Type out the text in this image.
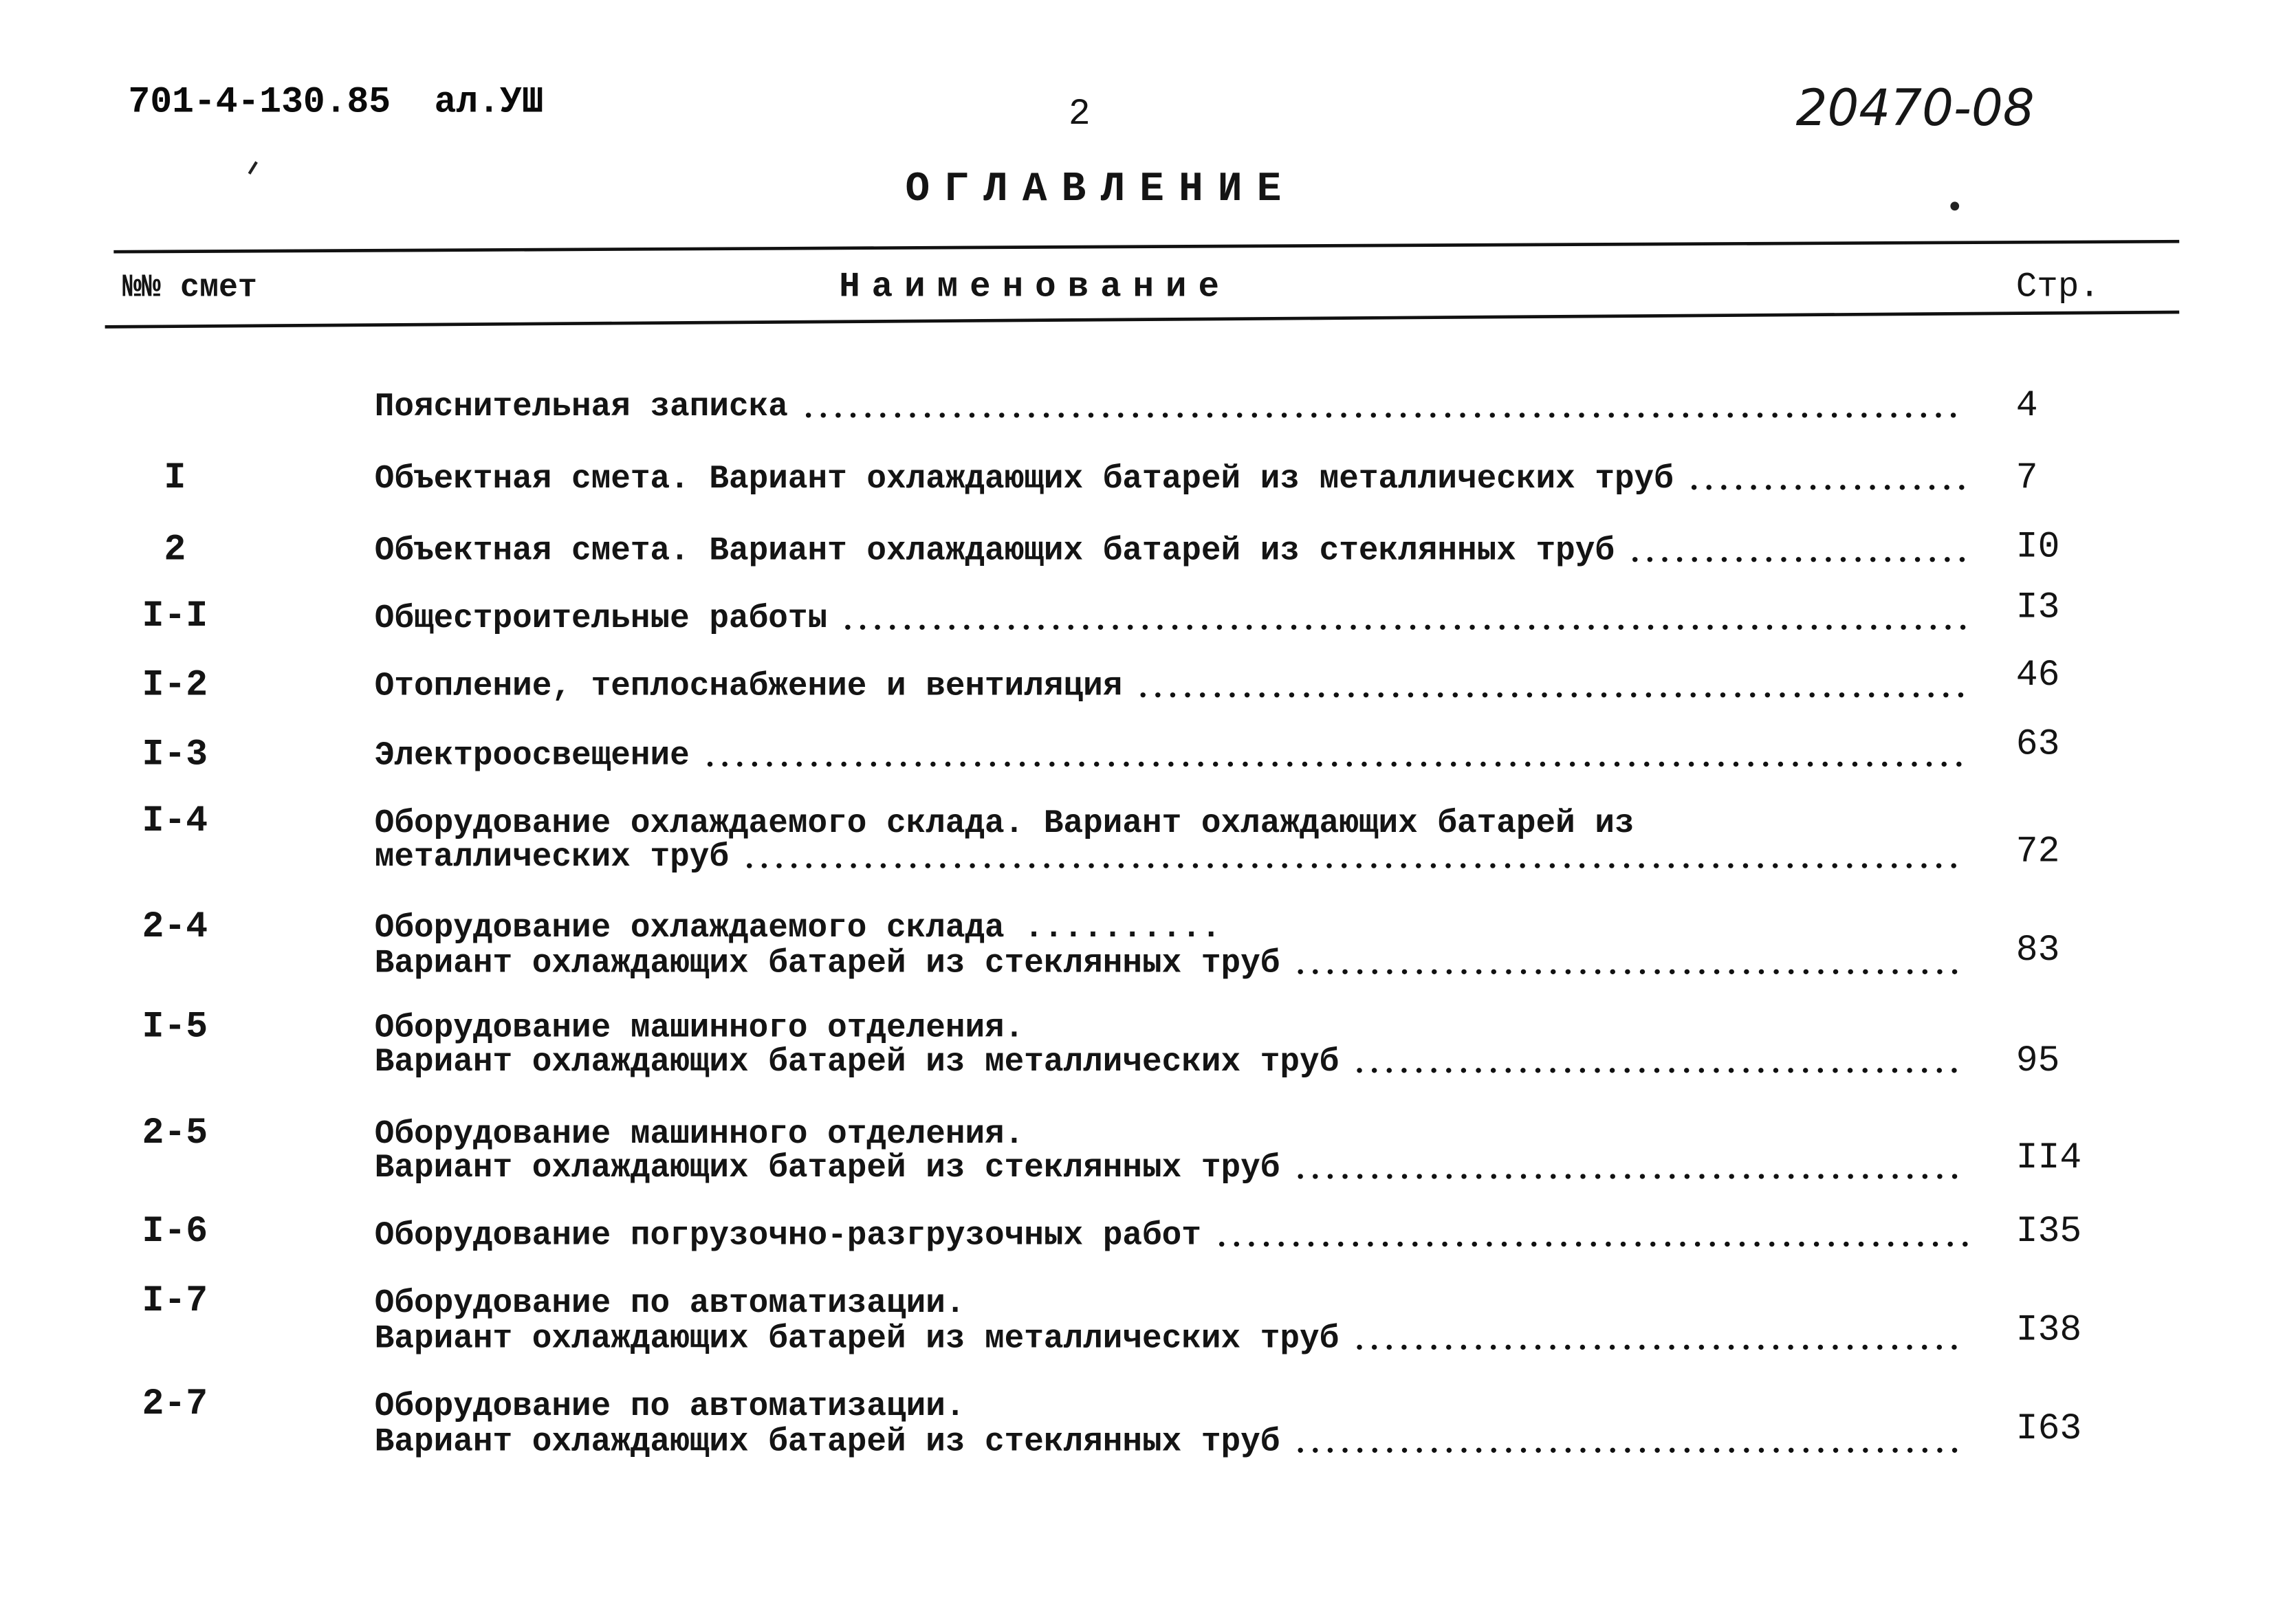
701-4-130.85  ал.УШ	2	20470-08
ОГЛАВЛЕНИЕ
№№ смет	Наименование	Стр.
Пояснительная записка	4
I	Объектная смета. Вариант охлаждающих батарей из металлических труб	7
2	Объектная смета. Вариант охлаждающих батарей из стеклянных труб	I0
I-I	Общестроительные работы	I3
I-2	Отопление, теплоснабжение и вентиляция	46
I-3	Электроосвещение	63
I-4	Оборудование охлаждаемого склада. Вариант охлаждающих батарей из
металлических труб	72
2-4	Оборудование охлаждаемого склада ..........
Вариант охлаждающих батарей из стеклянных труб	83
I-5	Оборудование машинного отделения.
Вариант охлаждающих батарей из металлических труб	95
2-5	Оборудование машинного отделения.
Вариант охлаждающих батарей из стеклянных труб	II4
I-6	Оборудование погрузочно-разгрузочных работ	I35
I-7	Оборудование по автоматизации.
Вариант охлаждающих батарей из металлических труб	I38
2-7	Оборудование по автоматизации.
Вариант охлаждающих батарей из стеклянных труб	I63
